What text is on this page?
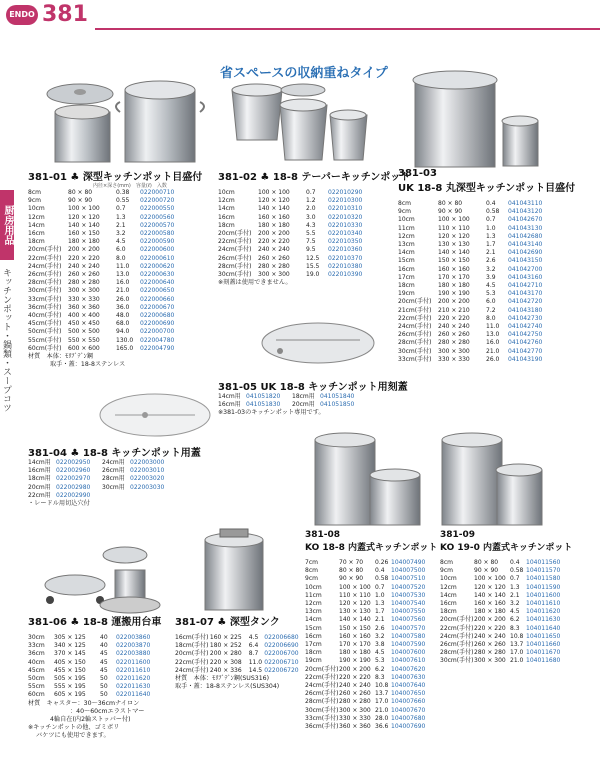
ENDO 381
厨房用品
キッチンポット・鍋類・スープコツ
省スペースの収納重ねタイプ
381-01 ♣ 深型キッチンポット目盛付
内径×深さ(mm)　 容量(ℓ)　 入数
8cm	80 × 80	0.38	022000710
9cm	90 × 90	0.55	022000720
10cm	100 × 100	0.7	022000550
12cm	120 × 120	1.3	022000560
14cm	140 × 140	2.1	022000570
16cm	160 × 150	3.2	022000580
18cm	180 × 180	4.5	022000590
20cm(手付)	200 × 200	6.0	022000600
22cm(手付)	220 × 220	8.0	022000610
24cm(手付)	240 × 240	11.0	022000620
26cm(手付)	260 × 260	13.0	022000630
28cm(手付)	280 × 280	16.0	022000640
30cm(手付)	300 × 300	21.0	022000650
33cm(手付)	330 × 330	26.0	022000660
36cm(手付)	360 × 360	36.0	022000670
40cm(手付)	400 × 400	48.0	022000680
45cm(手付)	450 × 450	68.0	022000690
50cm(手付)	500 × 500	94.0	022000700
55cm(手付)	550 × 550	130.0	022004780
60cm(手付)	600 × 600	165.0	022004790
材質　本体：ﾓﾘﾌﾞﾃﾞﾝ鋼
取手・蓋：18-8ステンレス
381-02 ♣ 18-8 テーパーキッチンポット
10cm	100 × 100	0.7	022010290
12cm	120 × 120	1.2	022010300
14cm	140 × 140	2.0	022010310
16cm	160 × 160	3.0	022010320
18cm	180 × 180	4.3	022010330
20cm(手付)	200 × 200	5.5	022010340
22cm(手付)	220 × 220	7.5	022010350
24cm(手付)	240 × 240	9.5	022010360
26cm(手付)	260 × 260	12.5	022010370
28cm(手付)	280 × 280	15.5	022010380
30cm(手付)	300 × 300	19.0	022010390
※刻蓋は使用できません。
381-03
UK 18-8 丸深型キッチンポット目盛付
8cm	80 × 80	0.4	041043110
9cm	90 × 90	0.58	041043120
10cm	100 × 100	0.7	041042670
11cm	110 × 110	1.0	041043130
12cm	120 × 120	1.3	041042680
13cm	130 × 130	1.7	041043140
14cm	140 × 140	2.1	041042690
15cm	150 × 150	2.6	041043150
16cm	160 × 160	3.2	041042700
17cm	170 × 170	3.9	041043160
18cm	180 × 180	4.5	041042710
19cm	190 × 190	5.3	041043170
20cm(手付)	200 × 200	6.0	041042720
21cm(手付)	210 × 210	7.2	041043180
22cm(手付)	220 × 220	8.0	041042730
24cm(手付)	240 × 240	11.0	041042740
26cm(手付)	260 × 260	13.0	041042750
28cm(手付)	280 × 280	16.0	041042760
30cm(手付)	300 × 300	21.0	041042770
33cm(手付)	330 × 330	26.0	041043190
381-05 UK 18-8 キッチンポット用刻蓋
14cm用 041051820	18cm用 041051840
16cm用 041051830	20cm用 041051850
※381-03のキッチンポット専用です。
381-04 ♣ 18-8 キッチンポット用蓋
14cm用 022002950	24cm用 022003000
16cm用 022002960	26cm用 022003010
18cm用 022002970	28cm用 022003020
20cm用 022002980	30cm用 022003030
22cm用 022002990
・レードル用切込穴付
381-06 ♣ 18-8 運搬用台車
30cm	305 × 125	40	022003860
33cm	340 × 125	40	022003870
36cm	370 × 145	45	022003880
40cm	405 × 150	45	022011600
45cm	455 × 150	45	022011610
50cm	505 × 195	50	022011620
55cm	555 × 195	50	022011630
60cm	605 × 195	50	022011640
材質　キャスター：30～36cmナイロン
：40～60cmエラストマー
4輪自在(内2輪ストッパー付)
※キッチンポットの他、ゴミボリ
バケツにも使用できます。
381-07 ♣ 深型タンク
16cm(手付) 160 × 225	4.5 022006680
18cm(手付) 180 × 252	6.4 022006690
20cm(手付) 200 × 280	8.7 022006700
22cm(手付) 220 × 308	11.0 022006710
24cm(手付) 240 × 336	14.5 022006720
材質　本体：ﾓﾘﾌﾞﾃﾞﾝ鋼(SUS316)
取手・蓋：18-8ステンレス(SUS304)
381-08
KO 18-8 内蓋式キッチンポット
7cm	70 × 70	0.26 104007490
8cm	80 × 80	0.4	104007500
9cm	90 × 90	0.58 104007510
10cm	100 × 100 0.7	104007520
11cm	110 × 110 1.0	104007530
12cm	120 × 120 1.3	104007540
13cm	130 × 130 1.7	104007550
14cm	140 × 140 2.1	104007560
15cm	150 × 150 2.6	104007570
16cm	160 × 160 3.2	104007580
17cm	170 × 170 3.8	104007590
18cm	180 × 180 4.5	104007600
19cm	190 × 190 5.3	104007610
20cm(手付) 200 × 200 6.2	104007620
22cm(手付) 220 × 220 8.3	104007630
24cm(手付) 240 × 240 10.8 104007640
26cm(手付) 260 × 260 13.7 104007650
28cm(手付) 280 × 280 17.0 104007660
30cm(手付) 300 × 300 21.0 104007670
33cm(手付) 330 × 330 28.0 104007680
36cm(手付) 360 × 360 36.6 104007690
381-09
KO 19-0 内蓋式キッチンポット
8cm	80 × 80	0.4	104011560
9cm	90 × 90	0.58 104011570
10cm	100 × 100 0.7	104011580
12cm	120 × 120 1.3	104011590
14cm	140 × 140 2.1	104011600
16cm	160 × 160 3.2	104011610
18cm	180 × 180 4.5	104011620
20cm(手付) 200 × 200 6.2	104011630
22cm(手付) 220 × 220 8.3	104011640
24cm(手付) 240 × 240 10.8 104011650
26cm(手付) 260 × 260 13.7 104011660
28cm(手付) 280 × 280 17.0 104011670
30cm(手付) 300 × 300 21.0 104011680
